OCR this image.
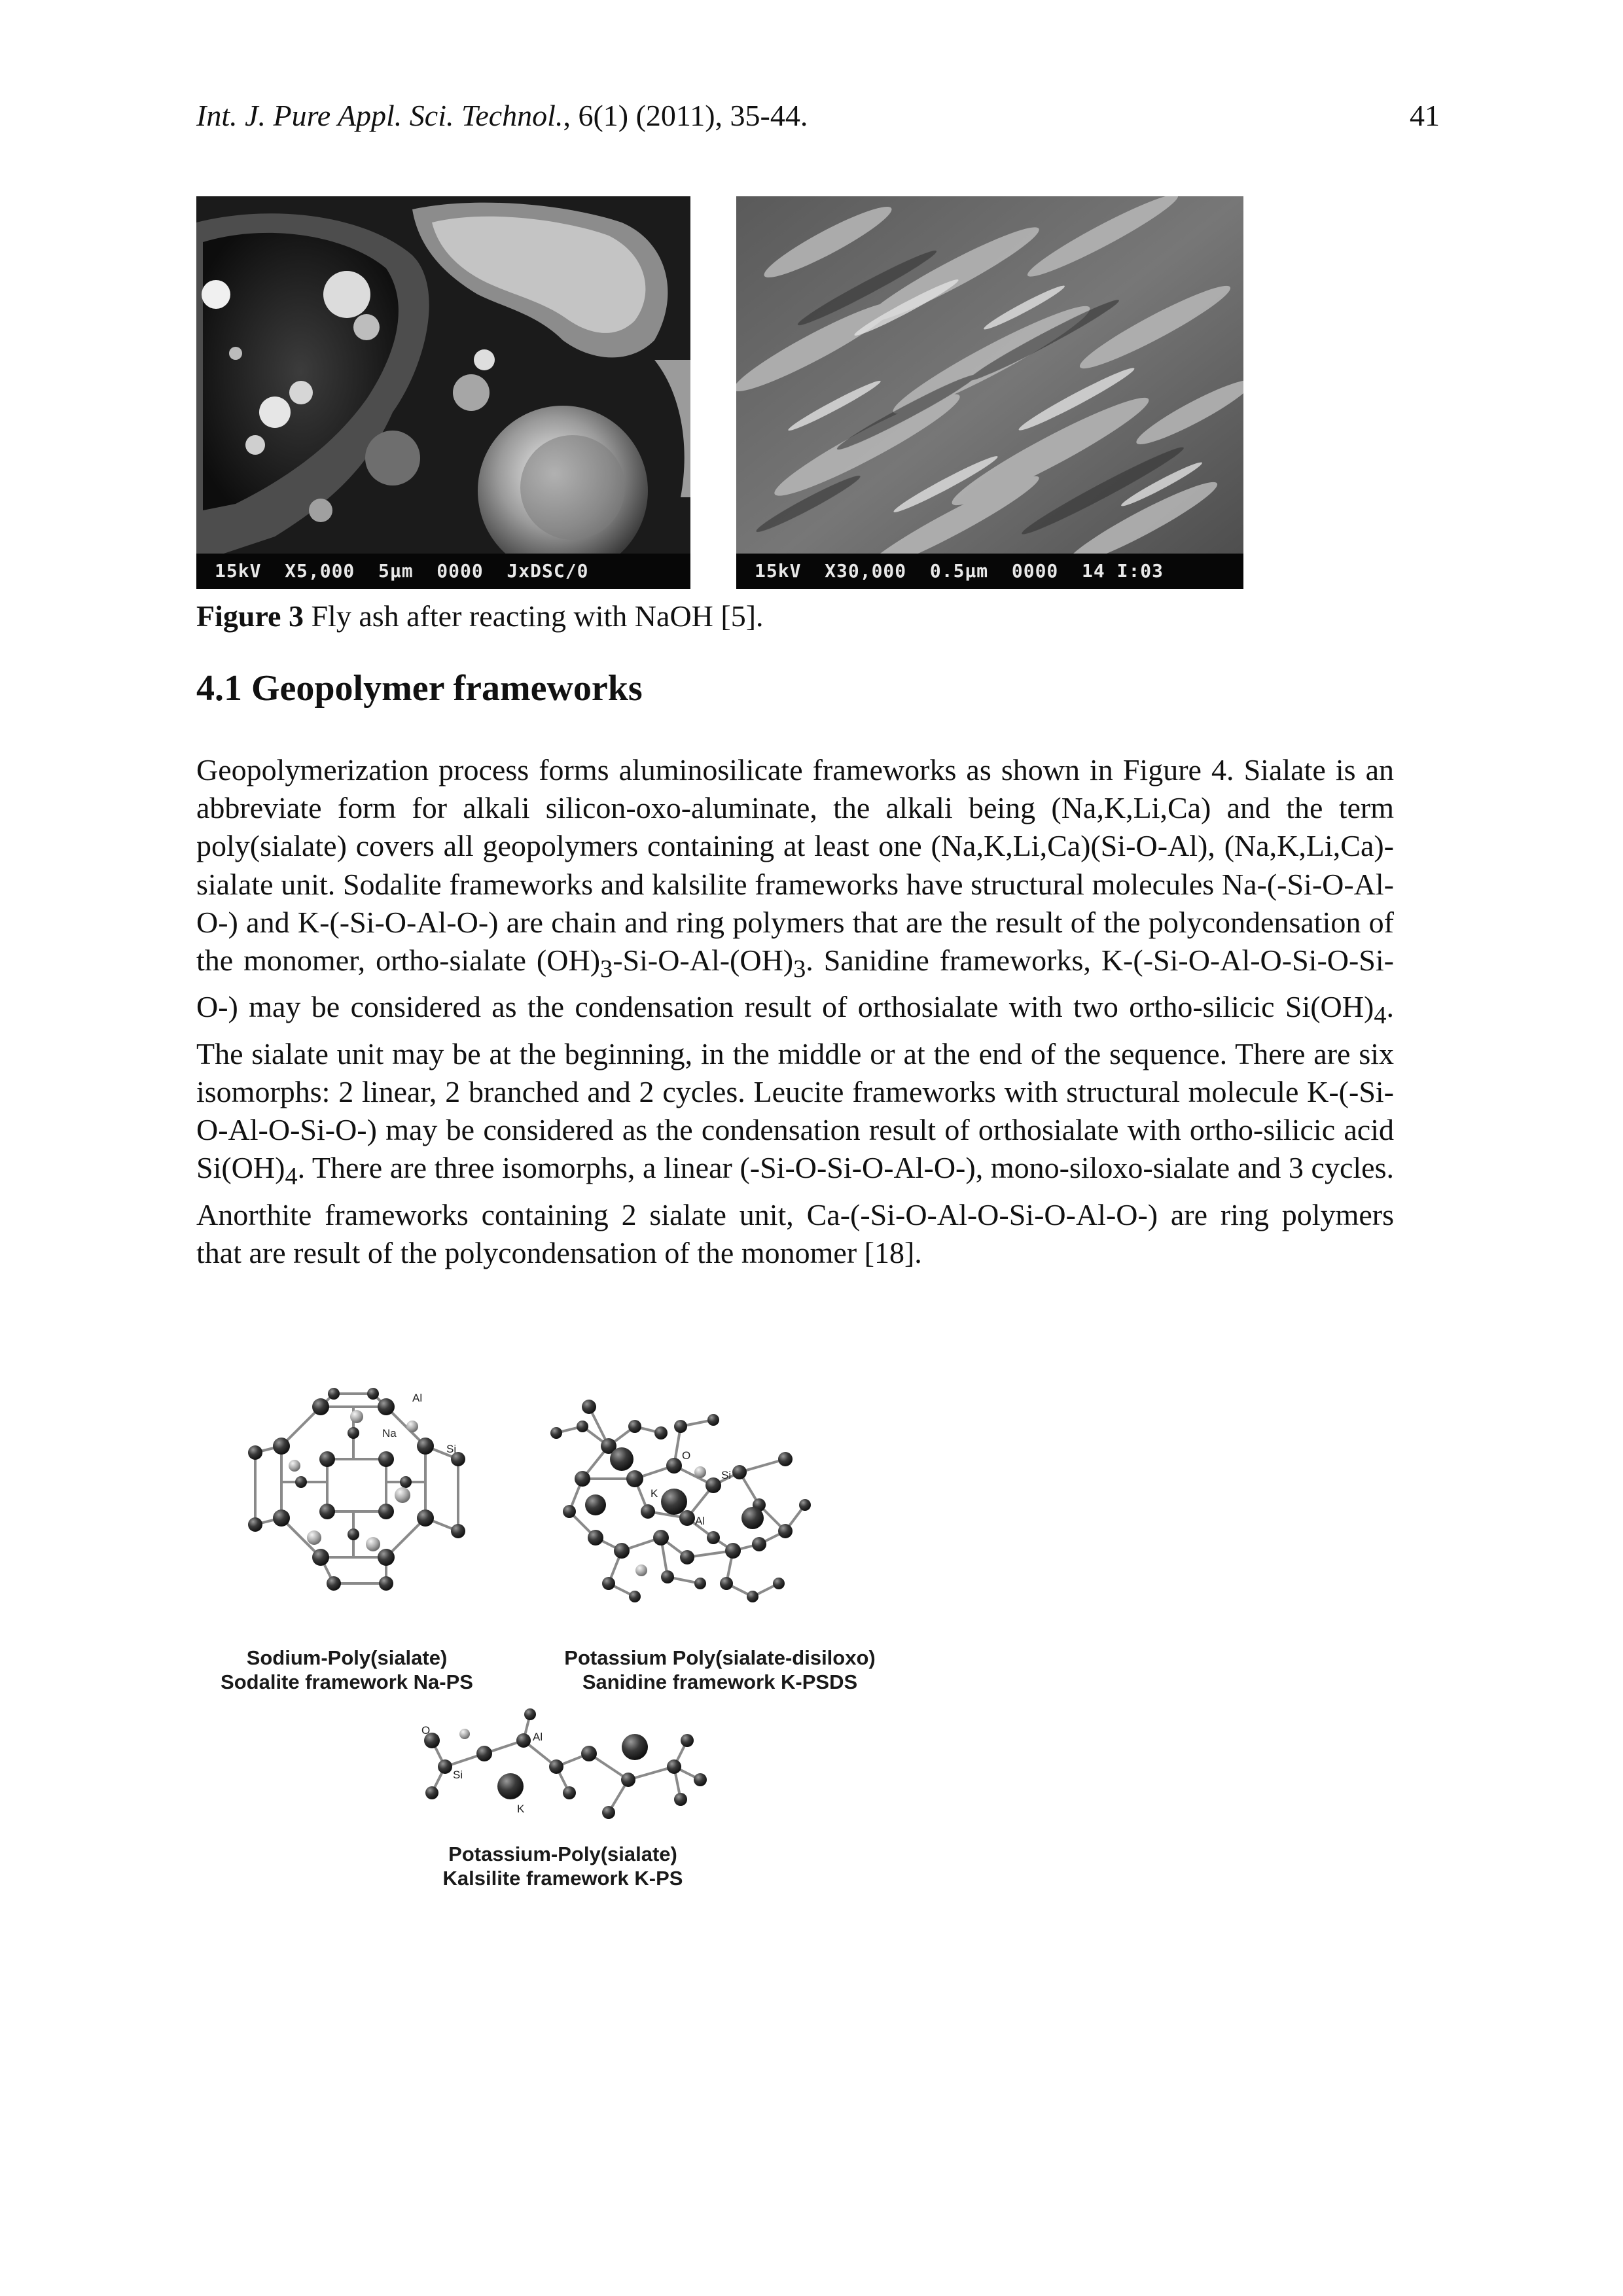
Int. J. Pure Appl. Sci. Technol., 6(1) (2011), 35-44.	41
15kV  X5,000  5µm  0000  JxDSC/0	15kV  X30,000  0.5µm  0000  14 I:03
Figure 3 Fly ash after reacting with NaOH [5].
4.1 Geopolymer frameworks
Geopolymerization process forms aluminosilicate frameworks as shown in Figure 4. Sialate is an abbreviate form for alkali silicon-oxo-aluminate, the alkali being (Na,K,Li,Ca) and the term poly(sialate) covers all geopolymers containing at least one (Na,K,Li,Ca)(Si-O-Al), (Na,K,Li,Ca)-sialate unit. Sodalite frameworks and kalsilite frameworks have structural molecules Na-(-Si-O-Al-O-) and K-(-Si-O-Al-O-) are chain and ring polymers that are the result of the polycondensation of the monomer, ortho-sialate $(OH)_3-Si-O-Al-(OH)_3$. Sanidine frameworks, K-(-Si-O-Al-O-Si-O-Si-O-) may be considered as the condensation result of orthosialate with two ortho-silicic $Si(OH)_4$. The sialate unit may be at the beginning, in the middle or at the end of the sequence. There are six isomorphs: 2 linear, 2 branched and 2 cycles. Leucite frameworks with structural molecule K-(-Si-O-Al-O-Si-O-) may be considered as the condensation result of orthosialate with ortho-silicic acid $Si(OH)_4$. There are three isomorphs, a linear (-Si-O-Si-O-Al-O-), mono-siloxo-sialate and 3 cycles. Anorthite frameworks containing 2 sialate unit, Ca-(-Si-O-Al-O-Si-O-Al-O-) are ring polymers that are result of the polycondensation of the monomer [18].
Al
Si
Na
O
Si
K
Al
O
Al
Si
K
Sodium-Poly(sialate)
Sodalite framework Na-PS
Potassium Poly(sialate-disiloxo)
Sanidine framework K-PSDS
Potassium-Poly(sialate)
Kalsilite framework K-PS
